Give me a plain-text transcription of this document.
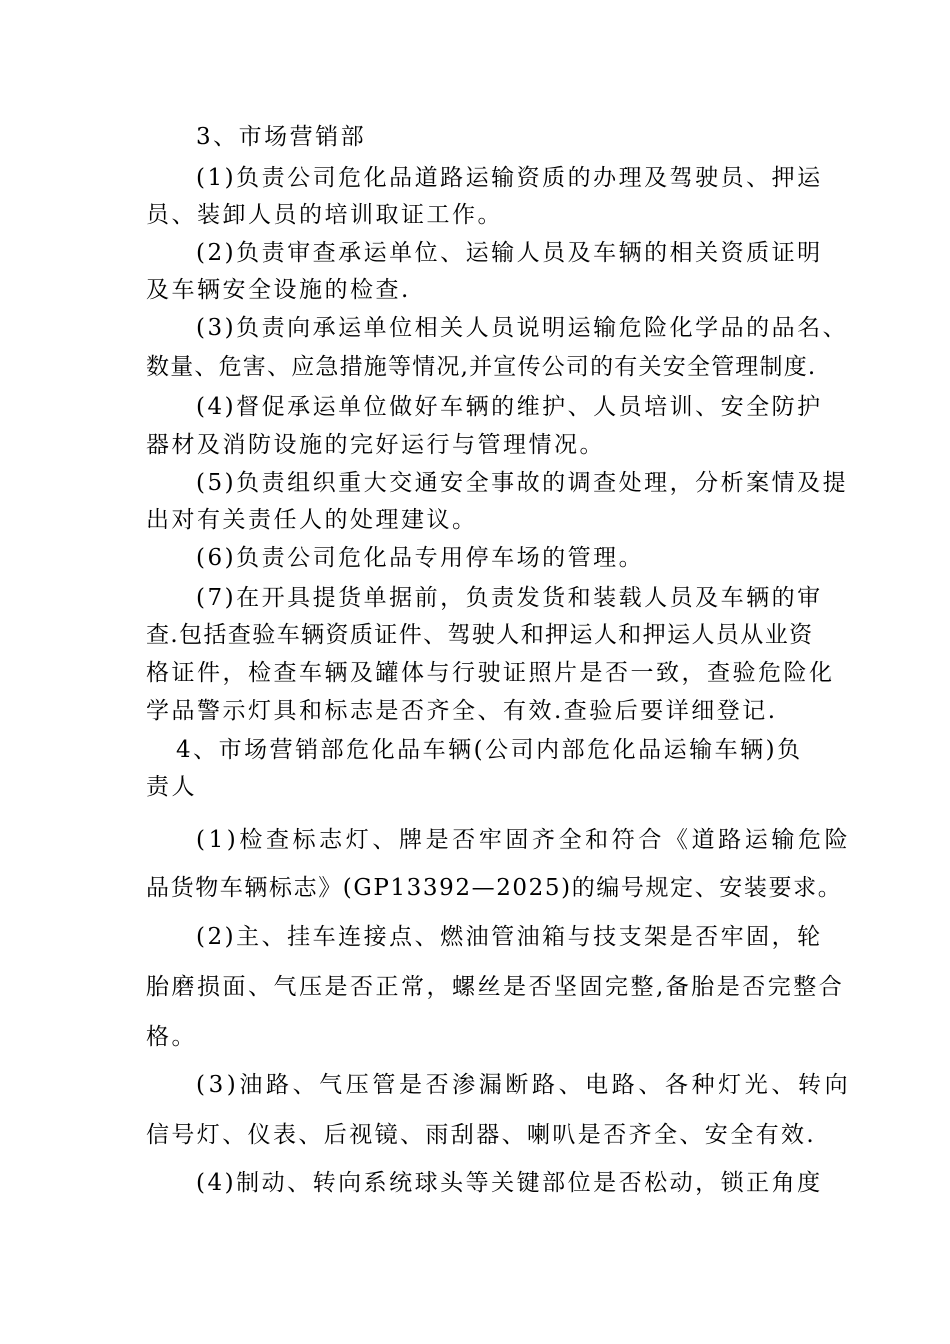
3、市场营销部
(1)负责公司危化品道路运输资质的办理及驾驶员、押运
员、装卸人员的培训取证工作。
(2)负责审查承运单位、运输人员及车辆的相关资质证明
及车辆安全设施的检查.
(3)负责向承运单位相关人员说明运输危险化学品的品名、
数量、危害、应急措施等情况,并宣传公司的有关安全管理制度.
(4)督促承运单位做好车辆的维护、人员培训、安全防护
器材及消防设施的完好运行与管理情况。
(5)负责组织重大交通安全事故的调查处理，分析案情及提
出对有关责任人的处理建议。
(6)负责公司危化品专用停车场的管理。
(7)在开具提货单据前，负责发货和装载人员及车辆的审
查.包括查验车辆资质证件、驾驶人和押运人和押运人员从业资
格证件，检查车辆及罐体与行驶证照片是否一致，查验危险化
学品警示灯具和标志是否齐全、有效.查验后要详细登记.
4、市场营销部危化品车辆(公司内部危化品运输车辆)负
责人
(1)检查标志灯、牌是否牢固齐全和符合《道路运输危险
品货物车辆标志》(GP13392—2025)的编号规定、安装要求。
(2)主、挂车连接点、燃油管油箱与技支架是否牢固，轮
胎磨损面、气压是否正常，螺丝是否坚固完整,备胎是否完整合
格。
(3)油路、气压管是否渗漏断路、电路、各种灯光、转向
信号灯、仪表、后视镜、雨刮器、喇叭是否齐全、安全有效.
(4)制动、转向系统球头等关键部位是否松动，锁正角度
